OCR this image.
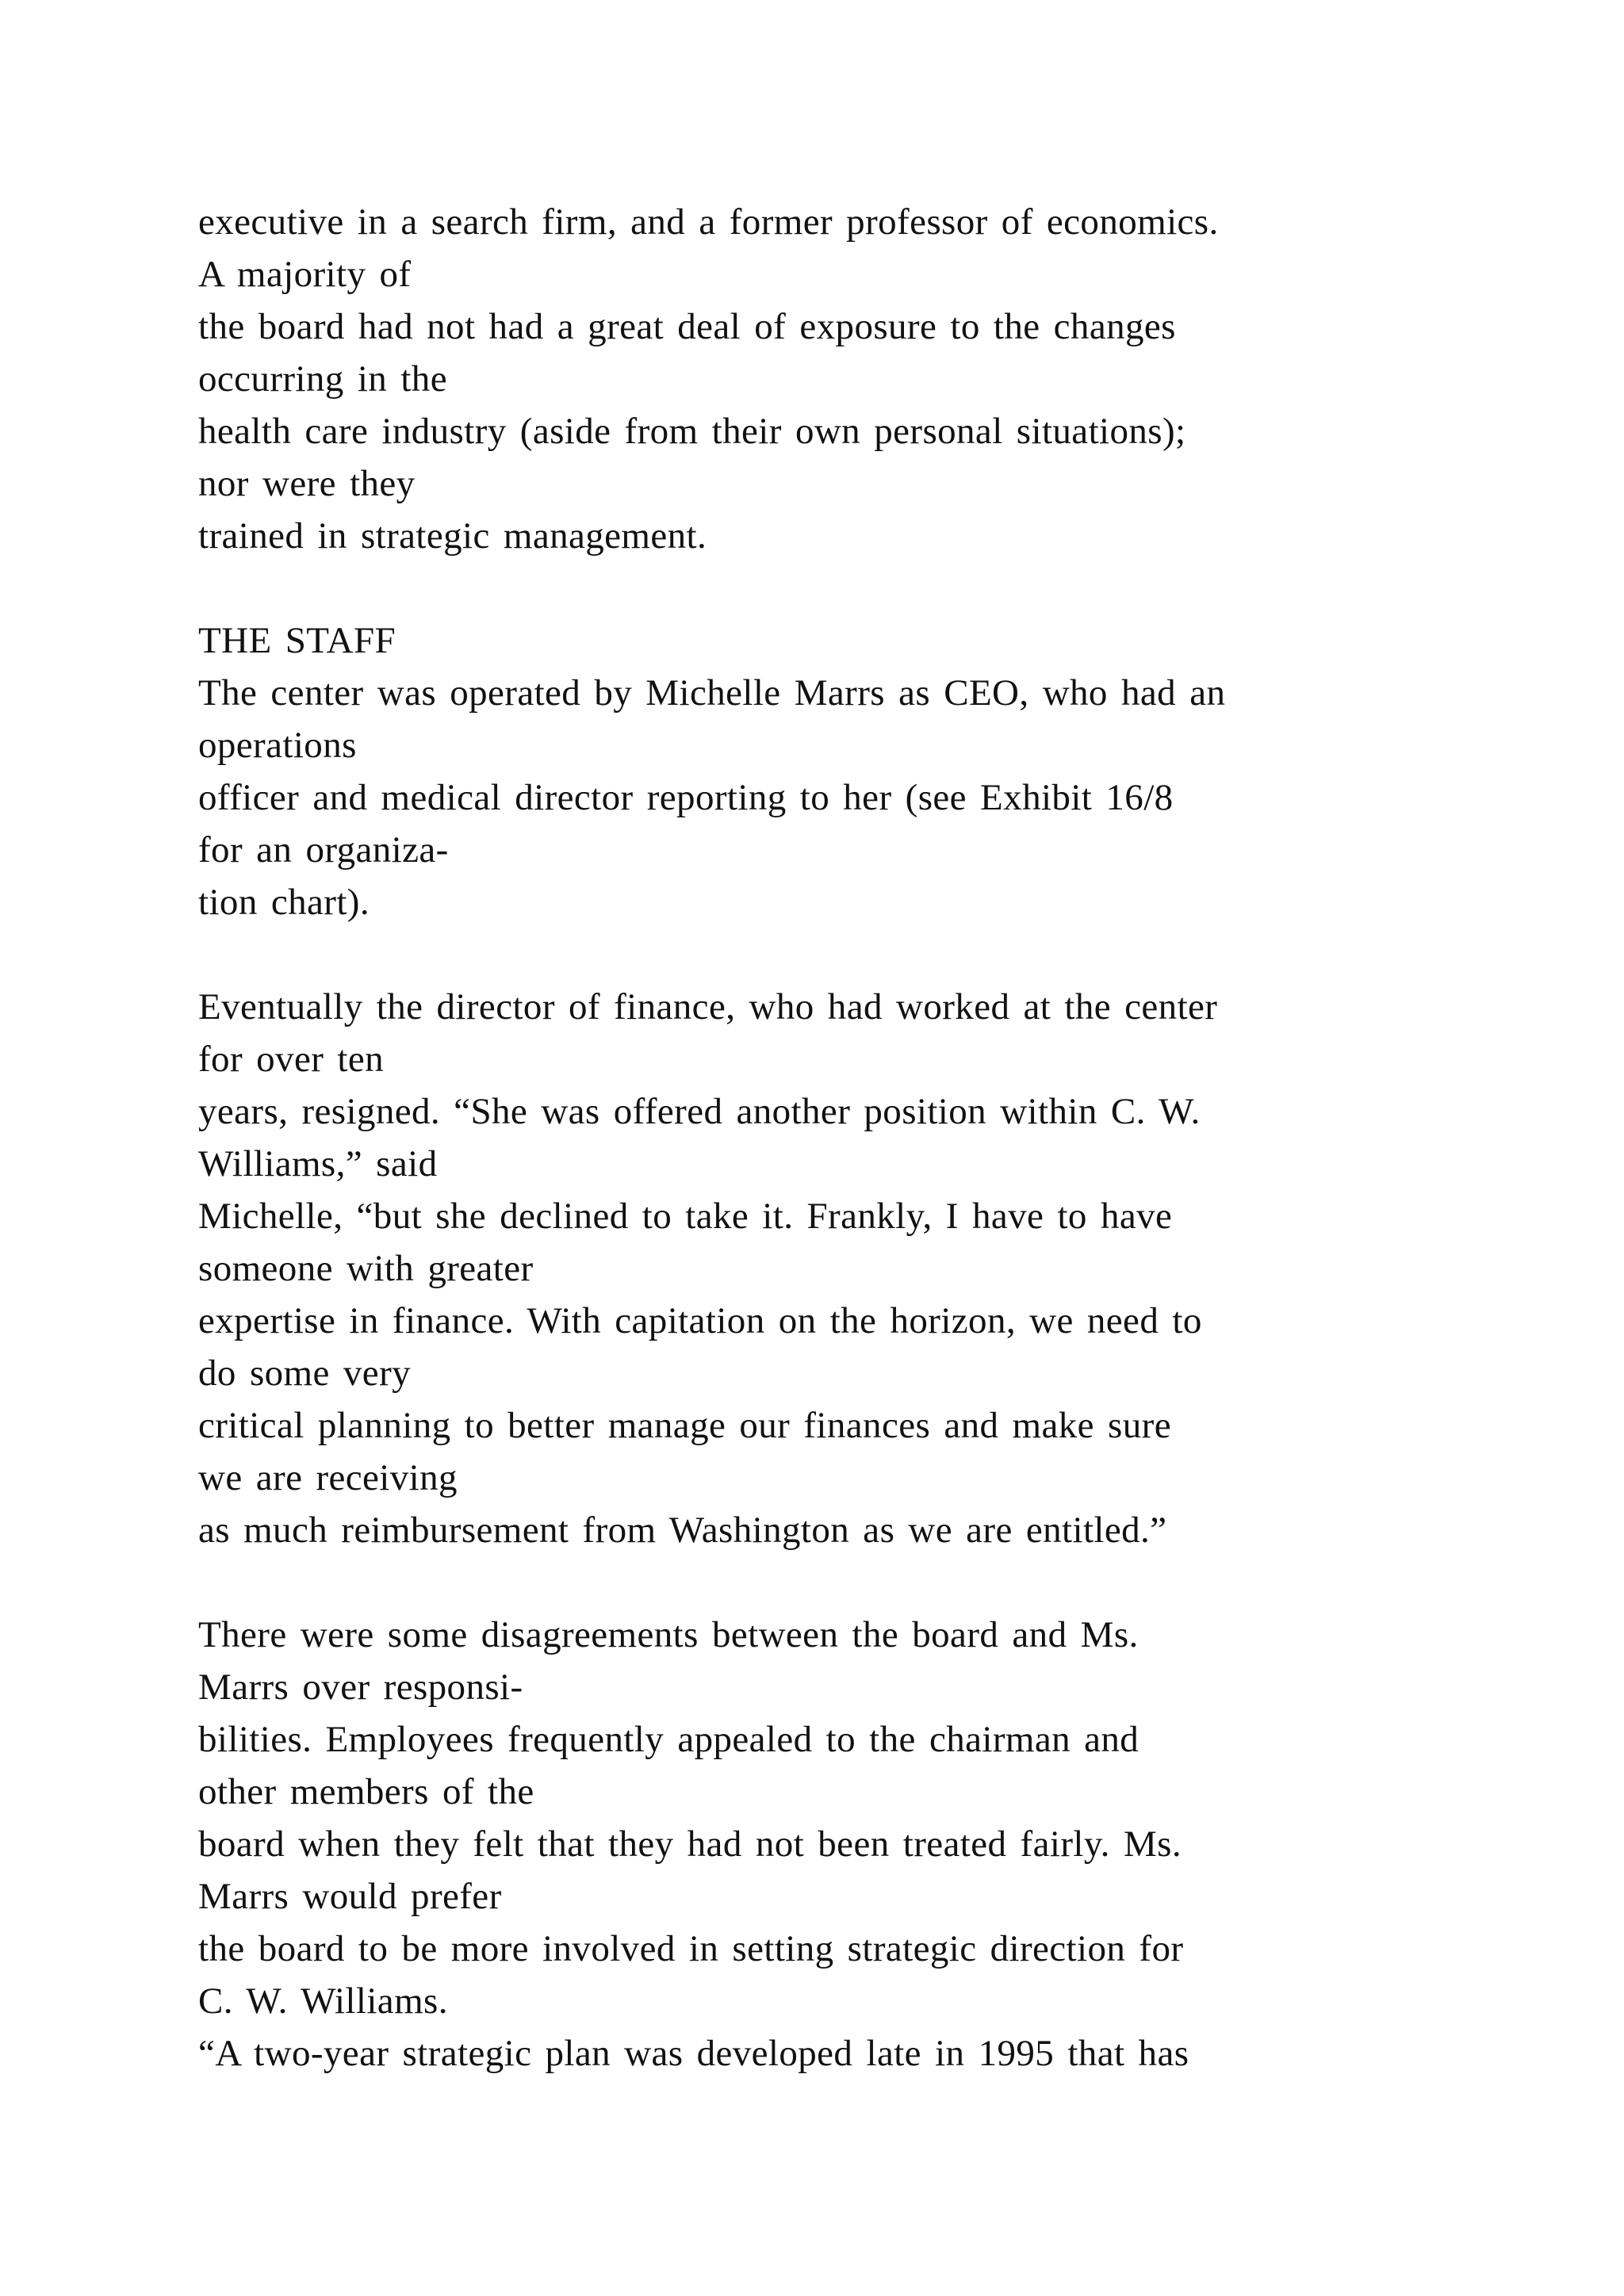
executive in a search firm, and a former professor of economics.
A majority of
the board had not had a great deal of exposure to the changes
occurring in the
health care industry (aside from their own personal situations);
nor were they
trained in strategic management.
THE STAFF
The center was operated by Michelle Marrs as CEO, who had an
operations
officer and medical director reporting to her (see Exhibit 16/8
for an organiza-
tion chart).
Eventually the director of finance, who had worked at the center
for over ten
years, resigned. “She was offered another position within C. W.
Williams,” said
Michelle, “but she declined to take it. Frankly, I have to have
someone with greater
expertise in finance. With capitation on the horizon, we need to
do some very
critical planning to better manage our finances and make sure
we are receiving
as much reimbursement from Washington as we are entitled.”
There were some disagreements between the board and Ms.
Marrs over responsi-
bilities. Employees frequently appealed to the chairman and
other members of the
board when they felt that they had not been treated fairly. Ms.
Marrs would prefer
the board to be more involved in setting strategic direction for
C. W. Williams.
“A two-year strategic plan was developed late in 1995 that has
